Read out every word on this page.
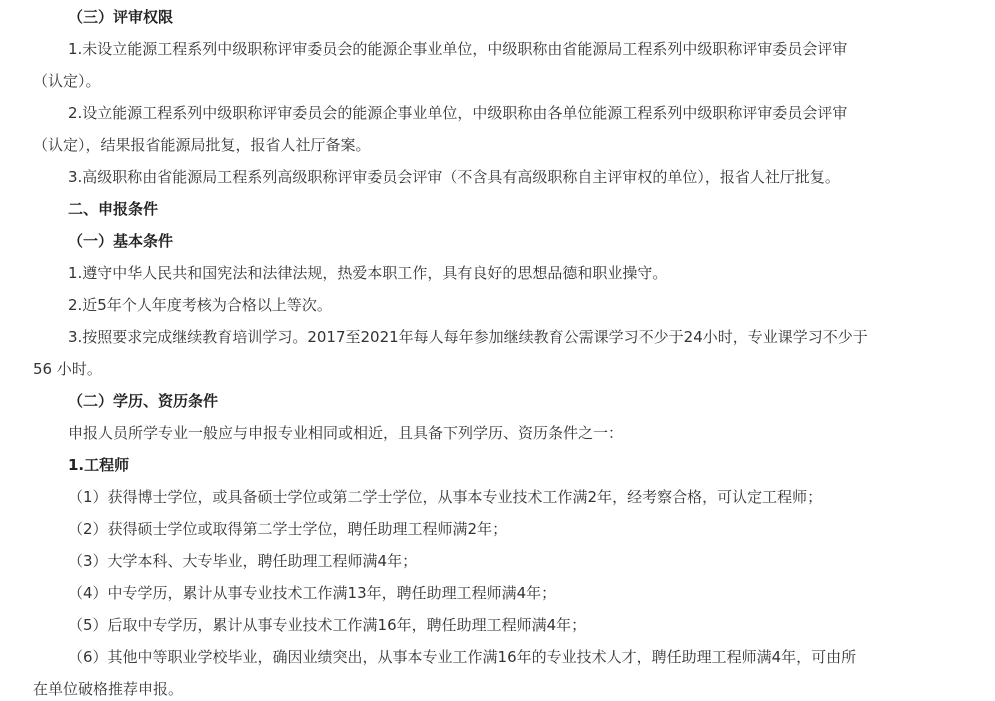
（三）评审权限
1.未设立能源工程系列中级职称评审委员会的能源企事业单位，中级职称由省能源局工程系列中级职称评审委员会评审
（认定）。
2.设立能源工程系列中级职称评审委员会的能源企事业单位，中级职称由各单位能源工程系列中级职称评审委员会评审
（认定），结果报省能源局批复，报省人社厅备案。
3.高级职称由省能源局工程系列高级职称评审委员会评审（不含具有高级职称自主评审权的单位），报省人社厅批复。
二、申报条件
（一）基本条件
1.遵守中华人民共和国宪法和法律法规，热爱本职工作，具有良好的思想品德和职业操守。
2.近5年个人年度考核为合格以上等次。
3.按照要求完成继续教育培训学习。2017至2021年每人每年参加继续教育公需课学习不少于24小时，专业课学习不少于
56 小时。
（二）学历、资历条件
申报人员所学专业一般应与申报专业相同或相近，且具备下列学历、资历条件之一：
1.工程师
（1）获得博士学位，或具备硕士学位或第二学士学位，从事本专业技术工作满2年，经考察合格，可认定工程师；
（2）获得硕士学位或取得第二学士学位，聘任助理工程师满2年；
（3）大学本科、大专毕业，聘任助理工程师满4年；
（4）中专学历，累计从事专业技术工作满13年，聘任助理工程师满4年；
（5）后取中专学历，累计从事专业技术工作满16年，聘任助理工程师满4年；
（6）其他中等职业学校毕业，确因业绩突出，从事本专业工作满16年的专业技术人才，聘任助理工程师满4年，可由所
在单位破格推荐申报。
